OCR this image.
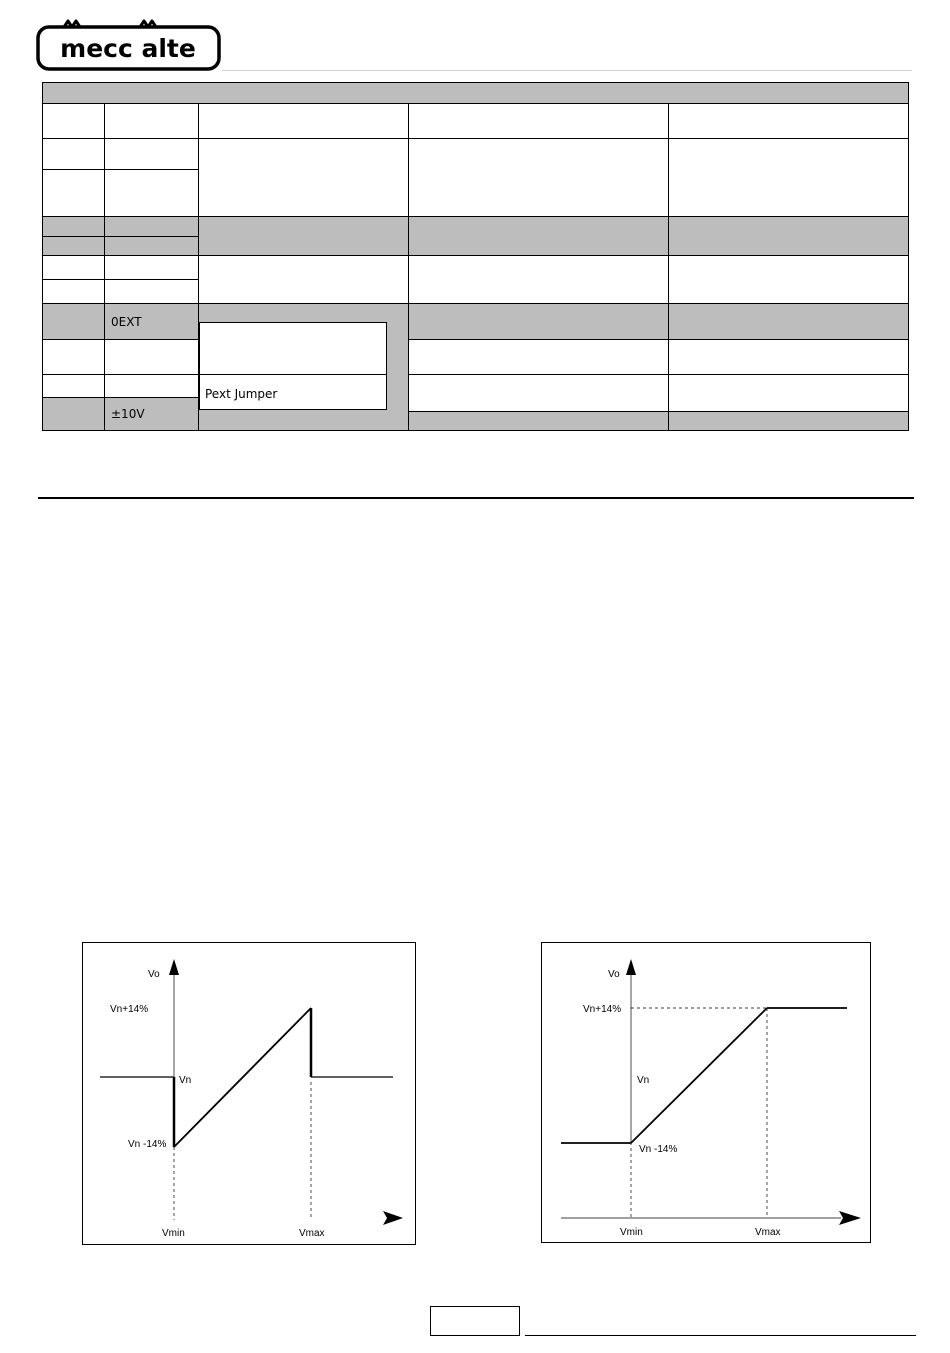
mecc alte

	0EXT	Pext Jumper		

	±10V			

Vo
Vn+14%
Vn
Vn -14%
Vmin	Vmax
Vo
Vn+14%
Vn
Vn -14%
Vmin	Vmax
